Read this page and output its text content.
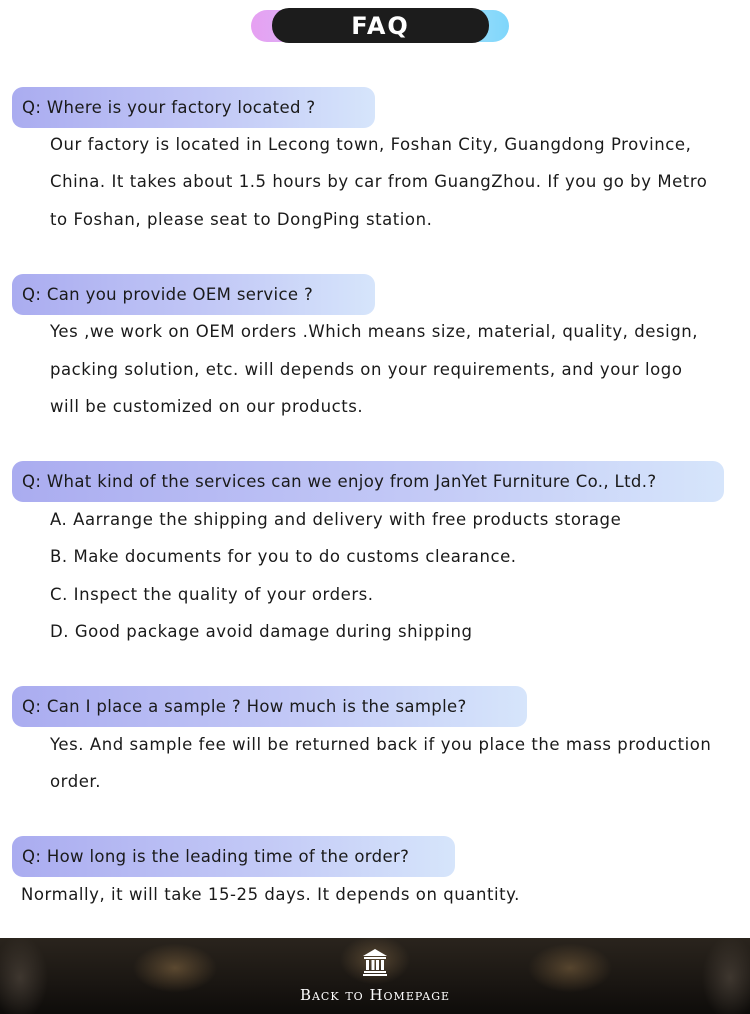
FAQ
Q: Where is your factory located ?
Our factory is located in Lecong town, Foshan City, Guangdong Province,
China. It takes about 1.5 hours by car from GuangZhou. If you go by Metro
to Foshan, please seat to DongPing station.
Q: Can you provide OEM service ?
Yes ,we work on OEM orders .Which means size, material, quality, design,
packing solution, etc. will depends on your requirements, and your logo
will be customized on our products.
Q: What kind of the services can we enjoy from JanYet Furniture Co., Ltd.?
A. Aarrange the shipping and delivery with free products storage
B. Make documents for you to do customs clearance.
C. Inspect the quality of your orders.
D. Good package avoid damage during shipping
Q: Can I place a sample ? How much is the sample?
Yes. And sample fee will be returned back if you place the mass production
order.
Q: How long is the leading time of the order?
Normally, it will take 15-25 days. It depends on quantity.
Back to Homepage
